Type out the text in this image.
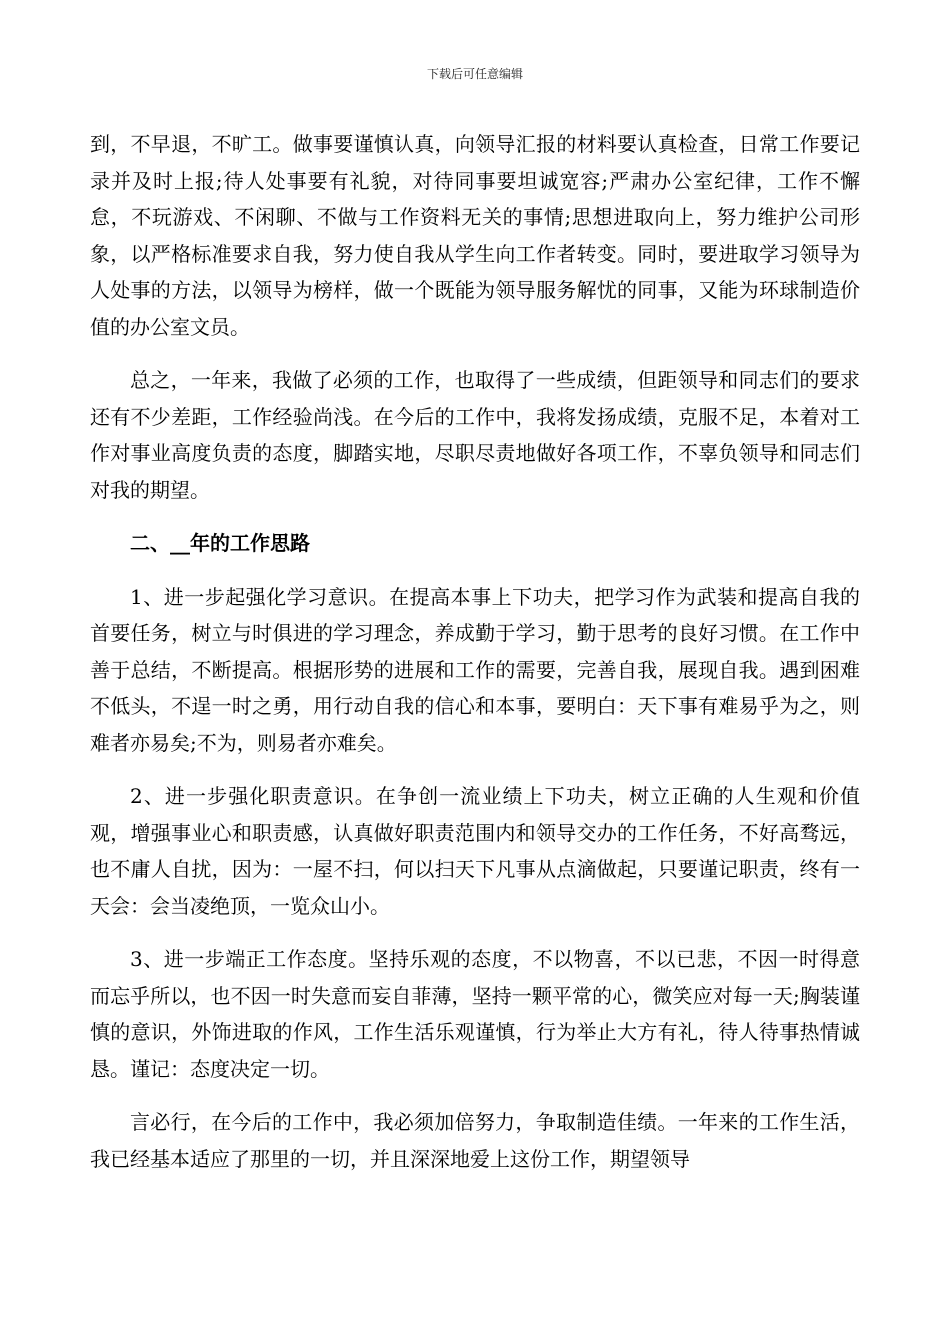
下载后可任意编辑

到，不早退，不旷工。做事要谨慎认真，向领导汇报的材料要认真检查，日常工作要记录并及时上报;待人处事要有礼貌，对待同事要坦诚宽容;严肃办公室纪律，工作不懈怠，不玩游戏、不闲聊、不做与工作资料无关的事情;思想进取向上，努力维护公司形象，以严格标准要求自我，努力使自我从学生向工作者转变。同时，要进取学习领导为人处事的方法，以领导为榜样，做一个既能为领导服务解忧的同事，又能为环球制造价值的办公室文员。

总之，一年来，我做了必须的工作，也取得了一些成绩，但距领导和同志们的要求还有不少差距，工作经验尚浅。在今后的工作中，我将发扬成绩，克服不足，本着对工作对事业高度负责的态度，脚踏实地，尽职尽责地做好各项工作，不辜负领导和同志们对我的期望。

二、__年的工作思路

1、进一步起强化学习意识。在提高本事上下功夫，把学习作为武装和提高自我的首要任务，树立与时俱进的学习理念，养成勤于学习，勤于思考的良好习惯。在工作中善于总结，不断提高。根据形势的进展和工作的需要，完善自我，展现自我。遇到困难不低头，不逞一时之勇，用行动自我的信心和本事，要明白：天下事有难易乎为之，则难者亦易矣;不为，则易者亦难矣。

2、进一步强化职责意识。在争创一流业绩上下功夫，树立正确的人生观和价值观，增强事业心和职责感，认真做好职责范围内和领导交办的工作任务，不好高骛远，也不庸人自扰，因为：一屋不扫，何以扫天下凡事从点滴做起，只要谨记职责，终有一天会：会当凌绝顶，一览众山小。

3、进一步端正工作态度。坚持乐观的态度，不以物喜，不以已悲，不因一时得意而忘乎所以，也不因一时失意而妄自菲薄，坚持一颗平常的心，微笑应对每一天;胸装谨慎的意识，外饰进取的作风，工作生活乐观谨慎，行为举止大方有礼，待人待事热情诚恳。谨记：态度决定一切。

言必行，在今后的工作中，我必须加倍努力，争取制造佳绩。一年来的工作生活，我已经基本适应了那里的一切，并且深深地爱上这份工作，期望领导
